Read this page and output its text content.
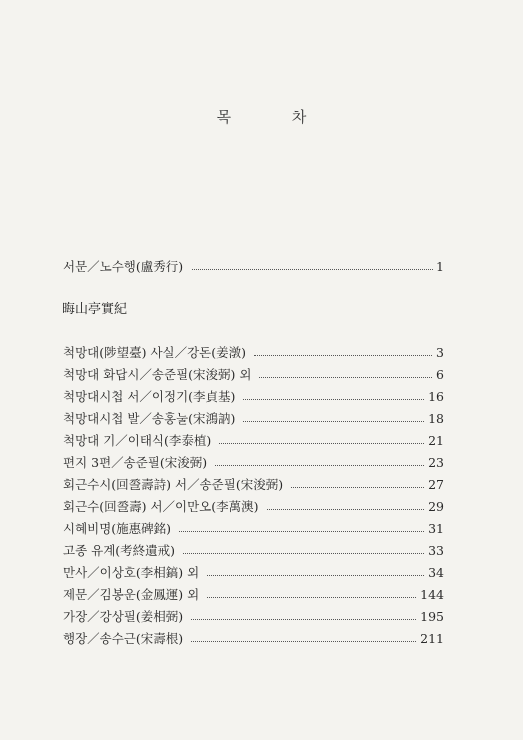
목 차
서문／노수행(盧秀行)	1
晦山亭實紀
척망대(陟望臺) 사실／강돈(姜潡)	3
척망대 화답시／송준필(宋浚弼) 외	6
척망대시첩 서／이정기(李貞基)	16
척망대시첩 발／송홍눌(宋鴻訥)	18
척망대 기／이태식(李泰植)	21
편지 3편／송준필(宋浚弼)	23
회근수시(回巹壽詩) 서／송준필(宋浚弼)	27
회근수(回巹壽) 서／이만오(李萬澳)	29
시혜비명(施惠碑銘)	31
고종 유계(考終遺戒)	33
만사／이상호(李相鎬) 외	34
제문／김봉운(金鳳運) 외	144
가장／강상필(姜相弼)	195
행장／송수근(宋壽根)	211
